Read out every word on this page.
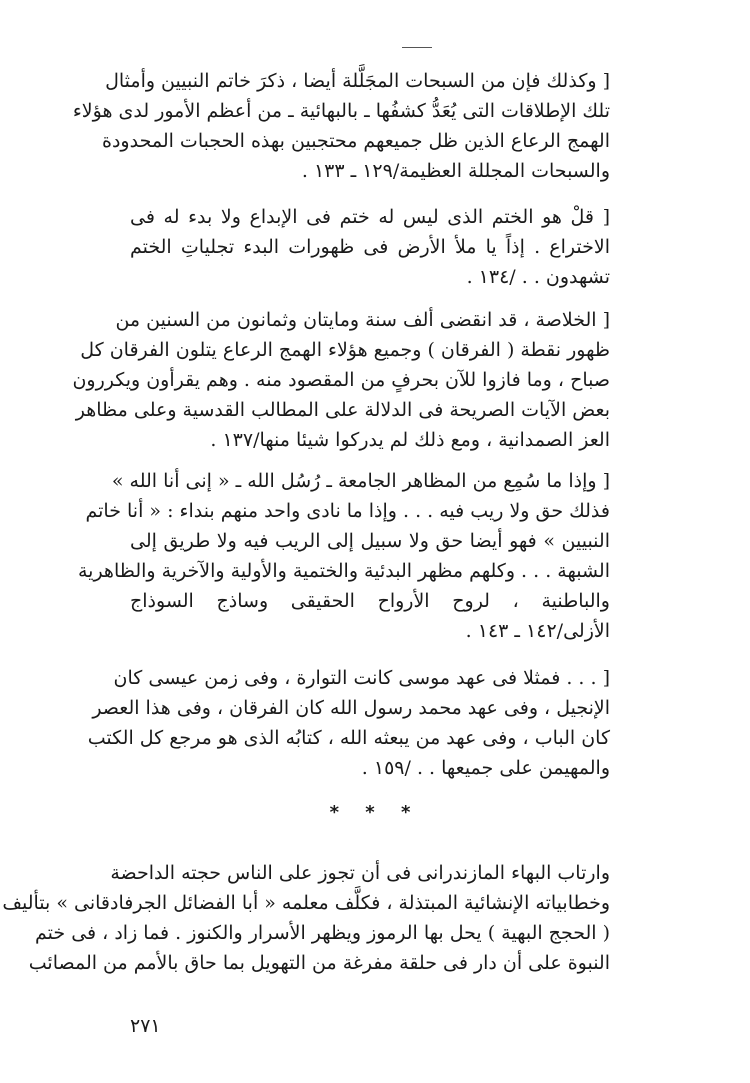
[ وكذلك فإن من السبحات المجَلَّلة أيضا ، ذكرَ خاتم النبيين وأمثال
تلك الإطلاقات التى يُعَدُّ كشفُها ـ بالبهائية ـ من أعظم الأمور لدى هؤلاء
الهمج الرعاع الذين ظل جميعهم محتجبين بهذه الحجبات المحدودة
والسبحات المجللة العظيمة/١٢٩ ـ ١٣٣ .
[ قلْ هو الختم الذى ليس له ختم فى الإبداع ولا بدء له فى
الاختراع . إذاً يا ملأ الأرض فى ظهورات البدء تجلياتِ الختم
تشهدون . . /١٣٤ .
[ الخلاصة ، قد انقضى ألف سنة ومايتان وثمانون من السنين من
ظهور نقطة ( الفرقان ) وجميع هؤلاء الهمج الرعاع يتلون الفرقان كل
صباح ، وما فازوا للآن بحرفٍ من المقصود منه . وهم يقرأون ويكررون
بعض الآيات الصريحة فى الدلالة على المطالب القدسية وعلى مظاهر
العز الصمدانية ، ومع ذلك لم يدركوا شيئا منها/١٣٧ .
[ وإذا ما سُمِع من المظاهر الجامعة ـ رُسُل الله ـ « إنى أنا الله »
فذلك حق ولا ريب فيه . . . وإذا ما نادى واحد منهم بنداء : « أنا خاتم
النبيين » فهو أيضا حق ولا سبيل إلى الريب فيه ولا طريق إلى
الشبهة . . . وكلهم مظهر البدئية والختمية والأولية والآخرية والظاهرية
والباطنية ، لروح الأرواح الحقيقى وساذج السوذاج
الأزلى/١٤٢ ـ ١٤٣ .
[ . . . فمثلا فى عهد موسى كانت التوارة ، وفى زمن عيسى كان
الإنجيل ، وفى عهد محمد رسول الله كان الفرقان ، وفى هذا العصر
كان الباب ، وفى عهد من يبعثه الله ، كتابُه الذى هو مرجع كل الكتب
والمهيمن على جميعها . . /١٥٩ .
* * *
وارتاب البهاء المازندرانى فى أن تجوز على الناس حجته الداحضة
وخطابياته الإنشائية المبتذلة ، فكلَّف معلمه « أبا الفضائل الجرفادقانى » بتأليف
( الحجج البهية ) يحل بها الرموز ويظهر الأسرار والكنوز . فما زاد ، فى ختم
النبوة على أن دار فى حلقة مفرغة من التهويل بما حاق بالأمم من المصائب
٢٧١
